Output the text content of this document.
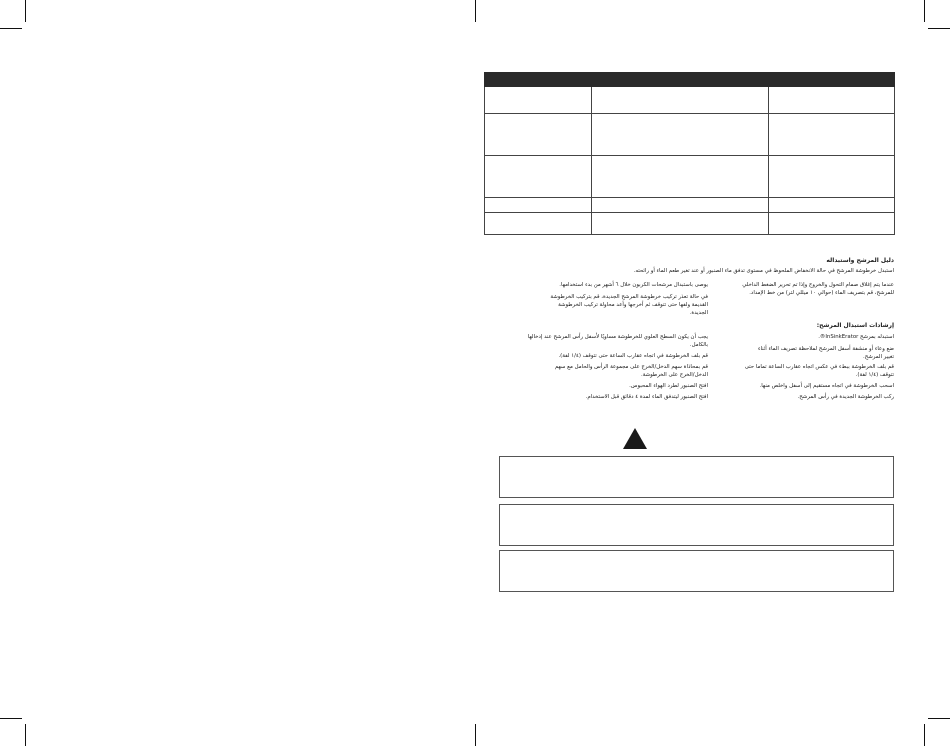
دليل المرشح واستبداله
استبدل خرطوشة المرشح في حالة الانخفاض الملحوظ في مستوى تدفق ماء الصنبور أو عند تغير طعم الماء أو رائحته.
عندما يتم إغلاق صمام التحول والخروج وإذا تم تحرير الضغط الداخلي
للمرشح، قم بتصريف الماء (حوالي ١٠ ميللي لتر) من خط الإمداد.
يوصى باستبدال مرشحات الكربون خلال ٦ أشهر من بدء استخدامها.
في حالة تعذر تركيب خرطوشة المرشح الجديدة، قم بتركيب الخرطوشة
القديمة ولفها حتى تتوقف ثم أخرجها وأعد محاولة تركيب الخرطوشة
الجديدة.
إرشادات استبدال المرشح:
استبدله بمرشح InSinkErator®.
ضع وعاء أو منشفة أسفل المرشح لملاحظة تصريف الماء أثناء
تغيير المرشح.
قم بلف الخرطوشة ببطء في عكس اتجاه عقارب الساعة تماما حتى
تتوقف (١/٤ لفة).
اسحب الخرطوشة في اتجاه مستقيم إلى أسفل واخلص منها.
ركب الخرطوشة الجديدة في رأس المرشح.
يجب أن يكون السطح العلوي للخرطوشة مساويًا لأسفل رأس المرشح عند إدخالها
بالكامل.
قم بلف الخرطوشة في اتجاه عقارب الساعة حتى تتوقف (١/٤ لفة).
قم بمحاذاة سهم الدخل/الخرج على مجموعة الرأس والحامل مع سهم
الدخل/الخرج على الخرطوشة.
افتح الصنبور لطرد الهواء المحبوس.
افتح الصنبور ليتدفق الماء لمدة ٤ دقائق قبل الاستخدام.
